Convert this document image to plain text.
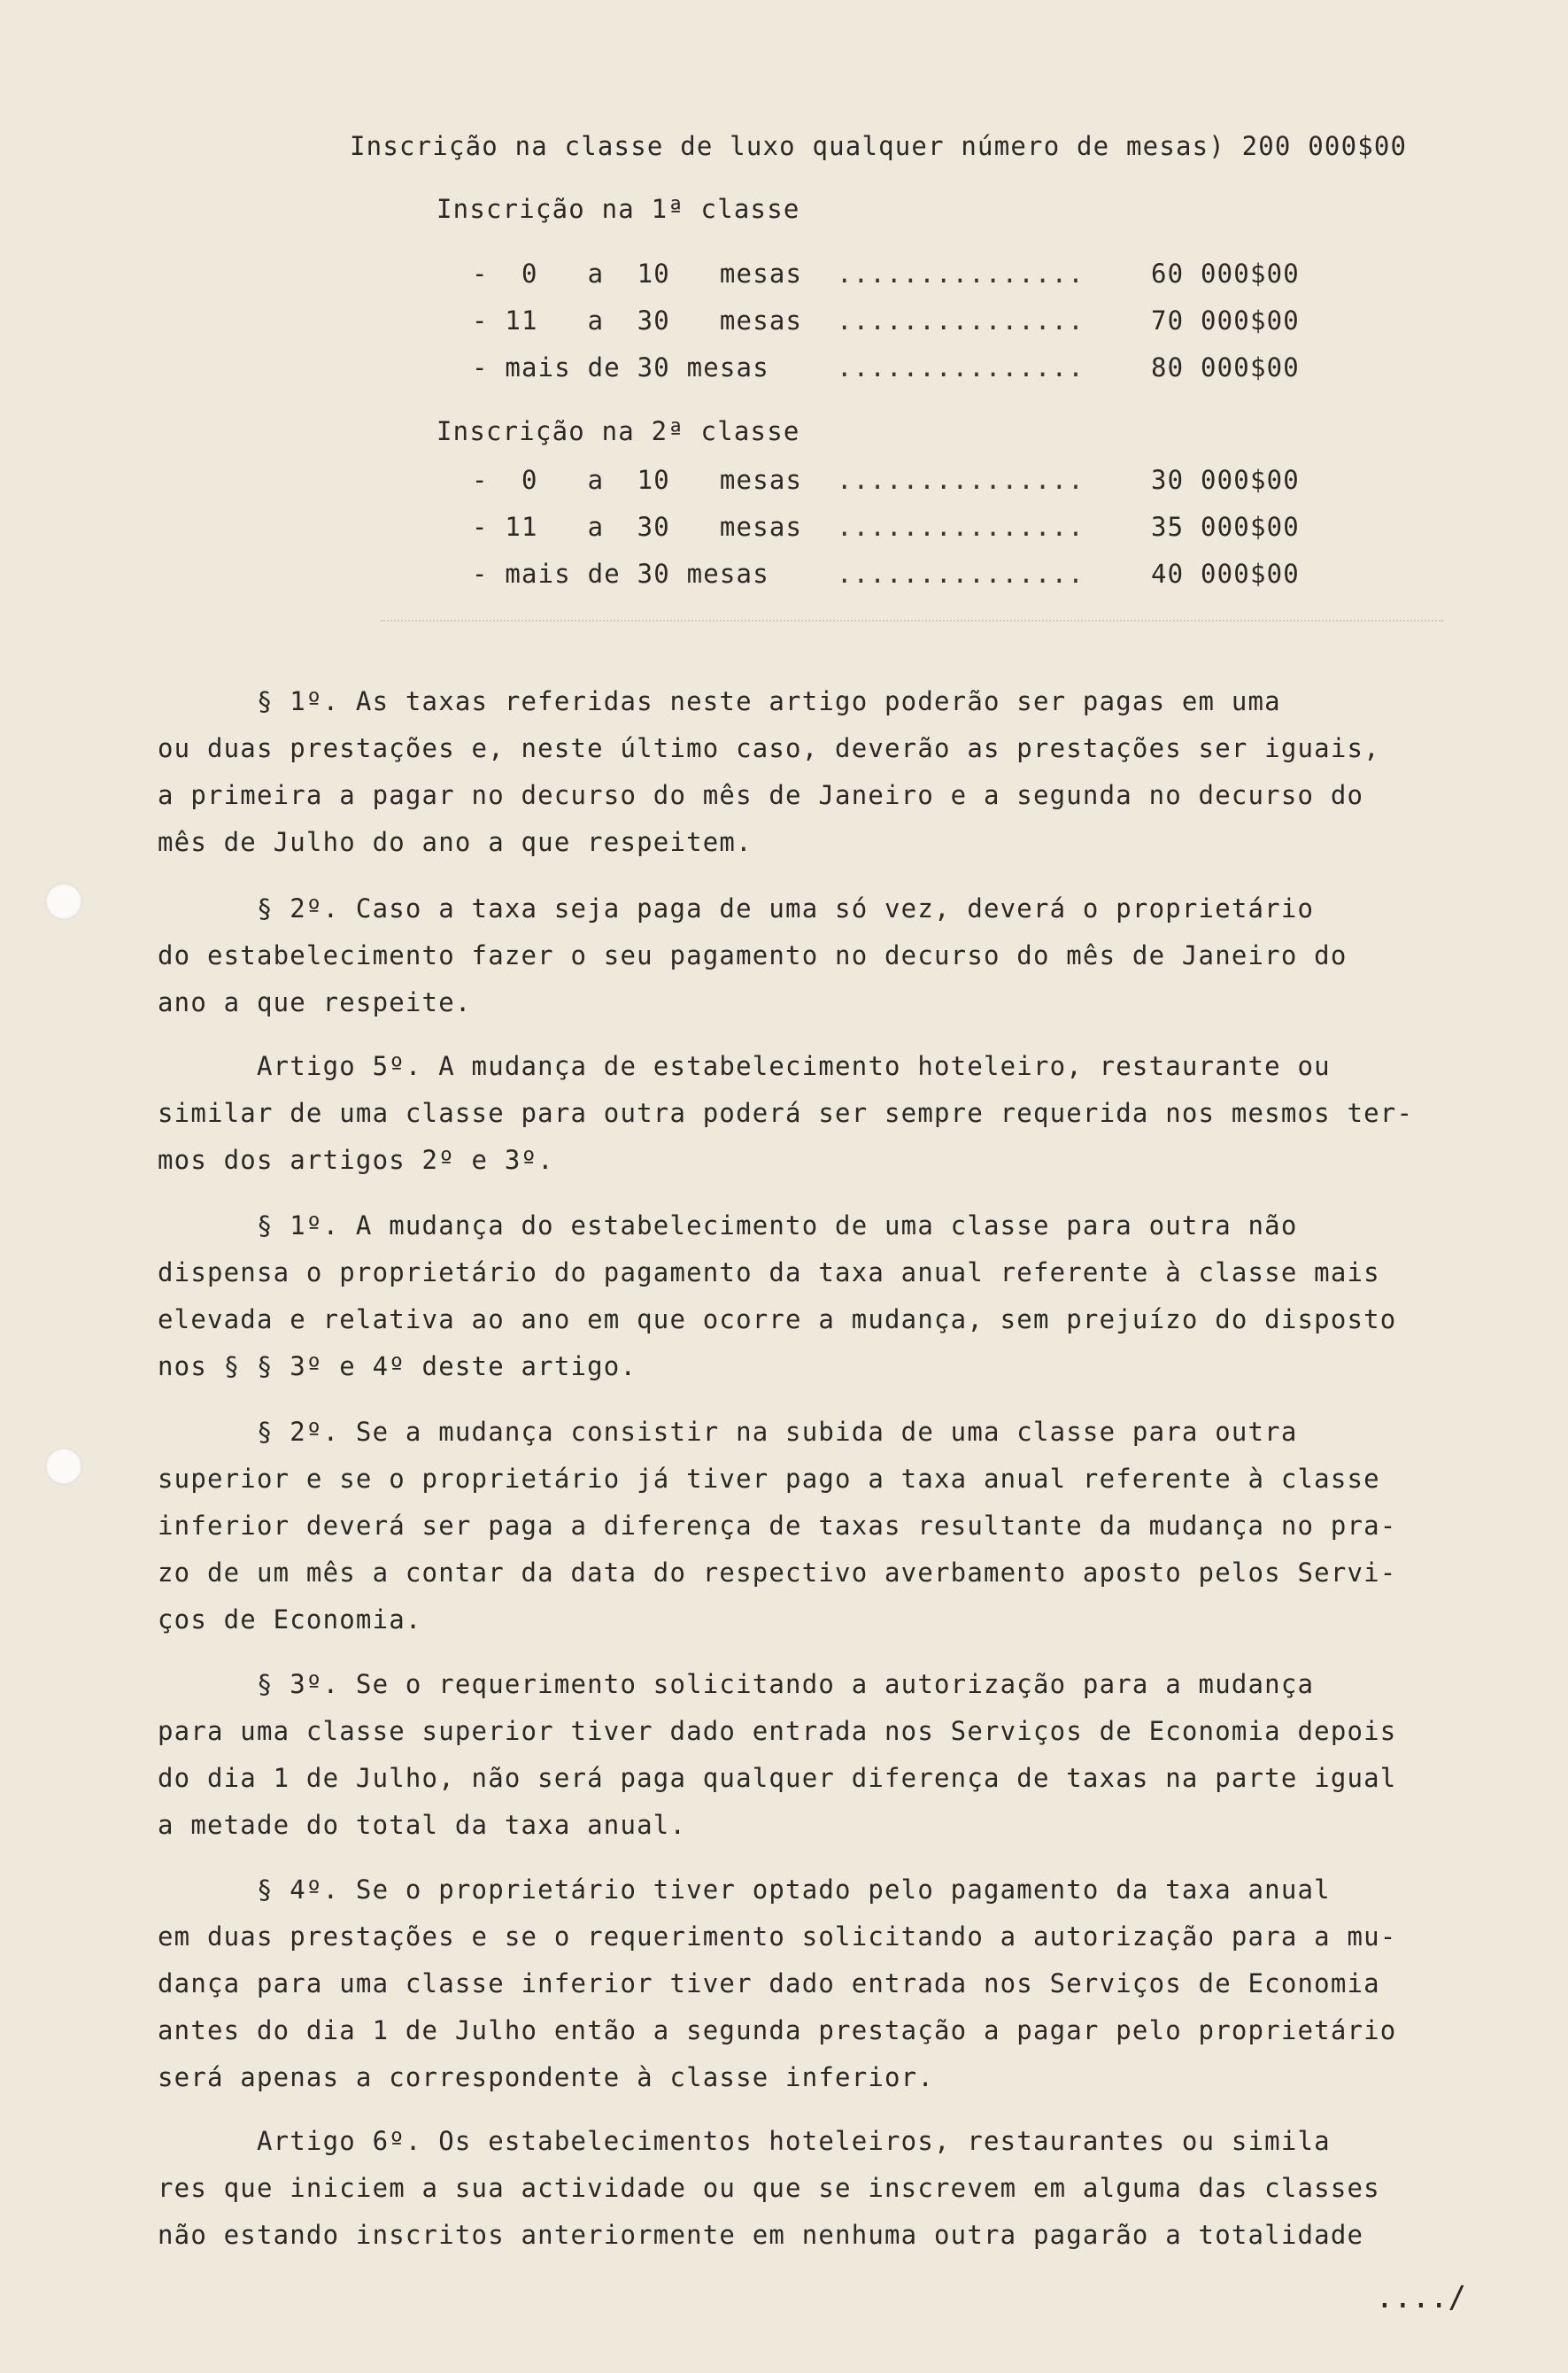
Inscrição na classe de luxo qualquer número de mesas) 200 000$00
Inscrição na 1ª classe
-  0   a  10   mesas ...............	60 000$00
- 11   a  30   mesas ...............	70 000$00
- mais de 30 mesas	...............	80 000$00
Inscrição na 2ª classe
-  0   a  10   mesas ...............	30 000$00
- 11   a  30   mesas ...............	35 000$00
- mais de 30 mesas	...............	40 000$00
§ 1º. As taxas referidas neste artigo poderão ser pagas em uma
ou duas prestações e, neste último caso, deverão as prestações ser iguais,
a primeira a pagar no decurso do mês de Janeiro e a segunda no decurso do
mês de Julho do ano a que respeitem.
§ 2º. Caso a taxa seja paga de uma só vez, deverá o proprietário
do estabelecimento fazer o seu pagamento no decurso do mês de Janeiro do
ano a que respeite.
Artigo 5º. A mudança de estabelecimento hoteleiro, restaurante ou
similar de uma classe para outra poderá ser sempre requerida nos mesmos ter-
mos dos artigos 2º e 3º.
§ 1º. A mudança do estabelecimento de uma classe para outra não
dispensa o proprietário do pagamento da taxa anual referente à classe mais
elevada e relativa ao ano em que ocorre a mudança, sem prejuízo do disposto
nos § § 3º e 4º deste artigo.
§ 2º. Se a mudança consistir na subida de uma classe para outra
superior e se o proprietário já tiver pago a taxa anual referente à classe
inferior deverá ser paga a diferença de taxas resultante da mudança no pra-
zo de um mês a contar da data do respectivo averbamento aposto pelos Servi-
ços de Economia.
§ 3º. Se o requerimento solicitando a autorização para a mudança
para uma classe superior tiver dado entrada nos Serviços de Economia depois
do dia 1 de Julho, não será paga qualquer diferença de taxas na parte igual
a metade do total da taxa anual.
§ 4º. Se o proprietário tiver optado pelo pagamento da taxa anual
em duas prestações e se o requerimento solicitando a autorização para a mu-
dança para uma classe inferior tiver dado entrada nos Serviços de Economia
antes do dia 1 de Julho então a segunda prestação a pagar pelo proprietário
será apenas a correspondente à classe inferior.
Artigo 6º. Os estabelecimentos hoteleiros, restaurantes ou simila
res que iniciem a sua actividade ou que se inscrevem em alguma das classes
não estando inscritos anteriormente em nenhuma outra pagarão a totalidade
..../
